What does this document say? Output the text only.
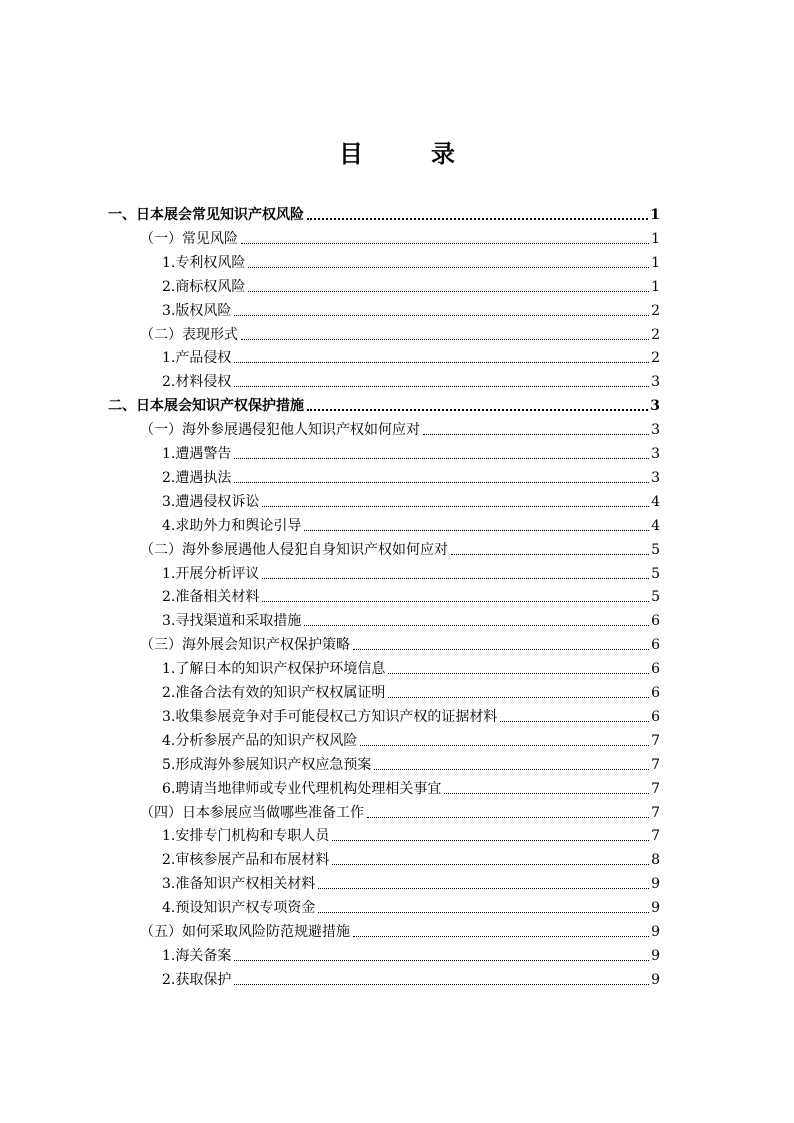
目　录
一、日本展会常见知识产权风险	1
（一）常见风险	1
1.专利权风险	1
2.商标权风险	1
3.版权风险	2
（二）表现形式	2
1.产品侵权	2
2.材料侵权	3
二、日本展会知识产权保护措施	3
（一）海外参展遇侵犯他人知识产权如何应对	3
1.遭遇警告	3
2.遭遇执法	3
3.遭遇侵权诉讼	4
4.求助外力和舆论引导	4
（二）海外参展遇他人侵犯自身知识产权如何应对	5
1.开展分析评议	5
2.准备相关材料	5
3.寻找渠道和采取措施	6
（三）海外展会知识产权保护策略	6
1.了解日本的知识产权保护环境信息	6
2.准备合法有效的知识产权权属证明	6
3.收集参展竞争对手可能侵权己方知识产权的证据材料	6
4.分析参展产品的知识产权风险	7
5.形成海外参展知识产权应急预案	7
6.聘请当地律师或专业代理机构处理相关事宜	7
（四）日本参展应当做哪些准备工作	7
1.安排专门机构和专职人员	7
2.审核参展产品和布展材料	8
3.准备知识产权相关材料	9
4.预设知识产权专项资金	9
（五）如何采取风险防范规避措施	9
1.海关备案	9
2.获取保护	9
